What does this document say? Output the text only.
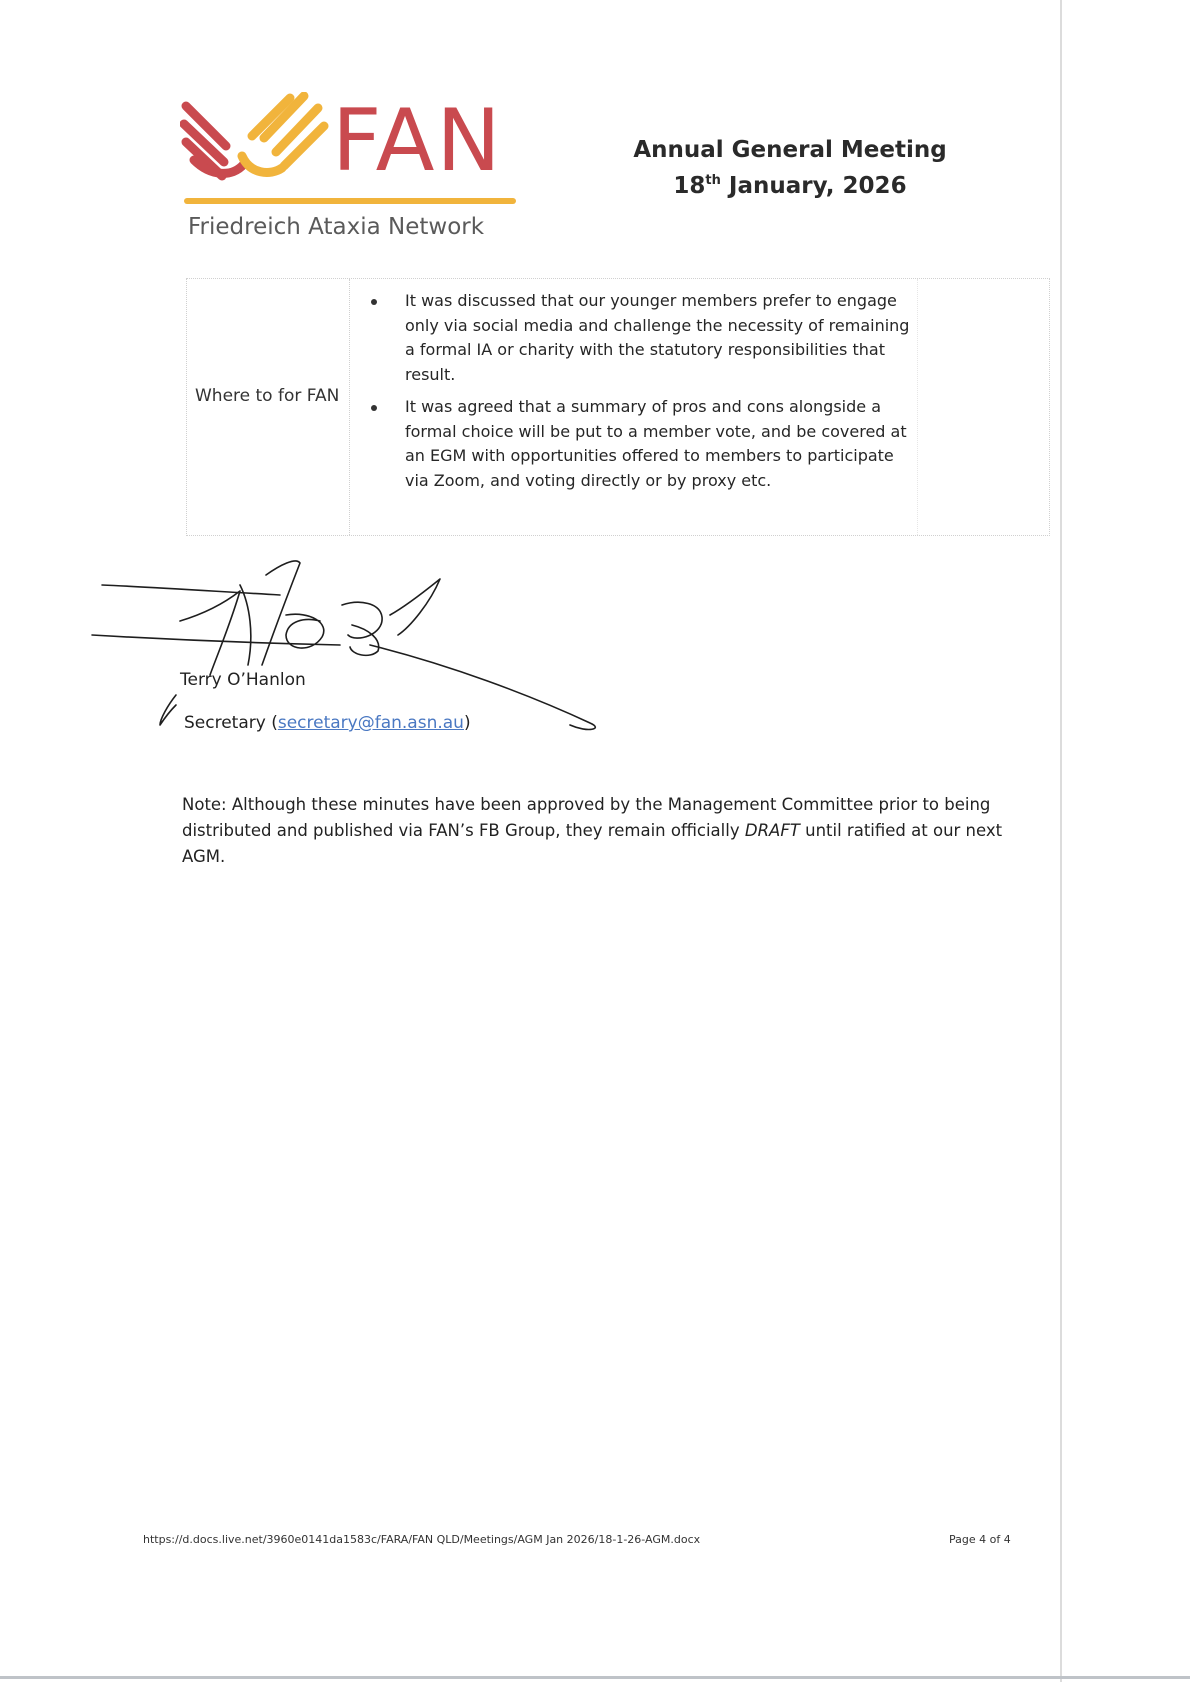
FAN
Friedreich Ataxia Network
Annual General Meeting
18th January, 2026
Where to for FAN
It was discussed that our younger members prefer to engage only via social media and challenge the necessity of remaining a formal IA or charity with the statutory responsibilities that result.
It was agreed that a summary of pros and cons alongside a formal choice will be put to a member vote, and be covered at an EGM with opportunities offered to members to participate via Zoom, and voting directly or by proxy etc.
Terry O’Hanlon
Secretary (secretary@fan.asn.au)
Note: Although these minutes have been approved by the Management Committee prior to being distributed and published via FAN’s FB Group, they remain officially DRAFT until ratified at our next AGM.
https://d.docs.live.net/3960e0141da1583c/FARA/FAN QLD/Meetings/AGM Jan 2026/18-1-26-AGM.docx	Page 4 of 4
